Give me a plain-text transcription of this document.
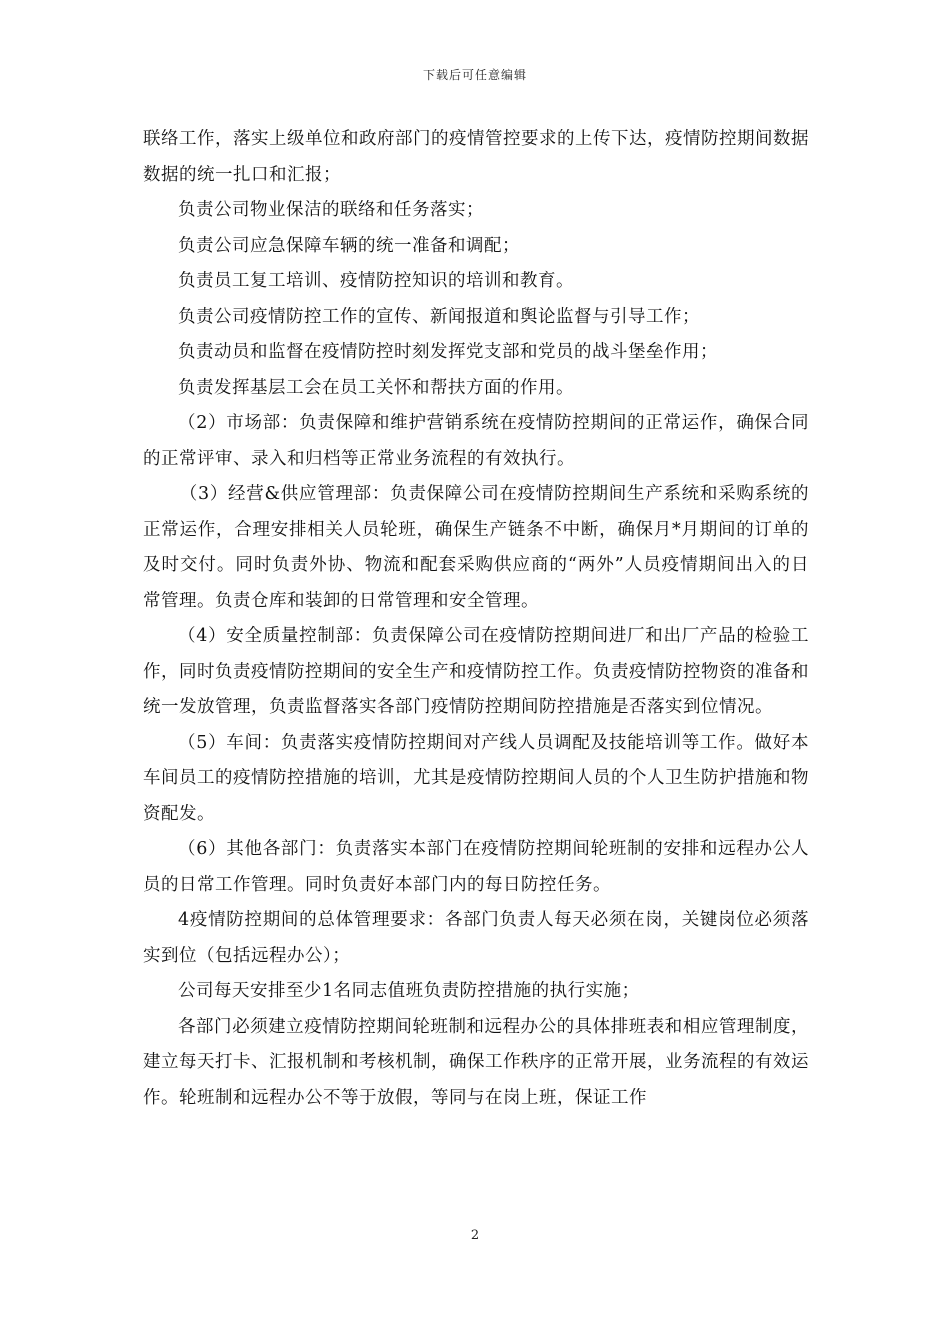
下载后可任意编辑

联络工作，落实上级单位和政府部门的疫情管控要求的上传下达，疫情防控期间数据数据的统一扎口和汇报；

负责公司物业保洁的联络和任务落实；

负责公司应急保障车辆的统一准备和调配；

负责员工复工培训、疫情防控知识的培训和教育。

负责公司疫情防控工作的宣传、新闻报道和舆论监督与引导工作；

负责动员和监督在疫情防控时刻发挥党支部和党员的战斗堡垒作用；

负责发挥基层工会在员工关怀和帮扶方面的作用。

（2）市场部：负责保障和维护营销系统在疫情防控期间的正常运作，确保合同的正常评审、录入和归档等正常业务流程的有效执行。

（3）经营&供应管理部：负责保障公司在疫情防控期间生产系统和采购系统的正常运作，合理安排相关人员轮班，确保生产链条不中断，确保月*月期间的订单的及时交付。同时负责外协、物流和配套采购供应商的“两外”人员疫情期间出入的日常管理。负责仓库和装卸的日常管理和安全管理。

（4）安全质量控制部：负责保障公司在疫情防控期间进厂和出厂产品的检验工作，同时负责疫情防控期间的安全生产和疫情防控工作。负责疫情防控物资的准备和统一发放管理，负责监督落实各部门疫情防控期间防控措施是否落实到位情况。

（5）车间：负责落实疫情防控期间对产线人员调配及技能培训等工作。做好本车间员工的疫情防控措施的培训，尤其是疫情防控期间人员的个人卫生防护措施和物资配发。

（6）其他各部门：负责落实本部门在疫情防控期间轮班制的安排和远程办公人员的日常工作管理。同时负责好本部门内的每日防控任务。

4疫情防控期间的总体管理要求：各部门负责人每天必须在岗，关键岗位必须落实到位（包括远程办公）；

公司每天安排至少1名同志值班负责防控措施的执行实施；

各部门必须建立疫情防控期间轮班制和远程办公的具体排班表和相应管理制度，建立每天打卡、汇报机制和考核机制，确保工作秩序的正常开展，业务流程的有效运作。轮班制和远程办公不等于放假，等同与在岗上班，保证工作

2
